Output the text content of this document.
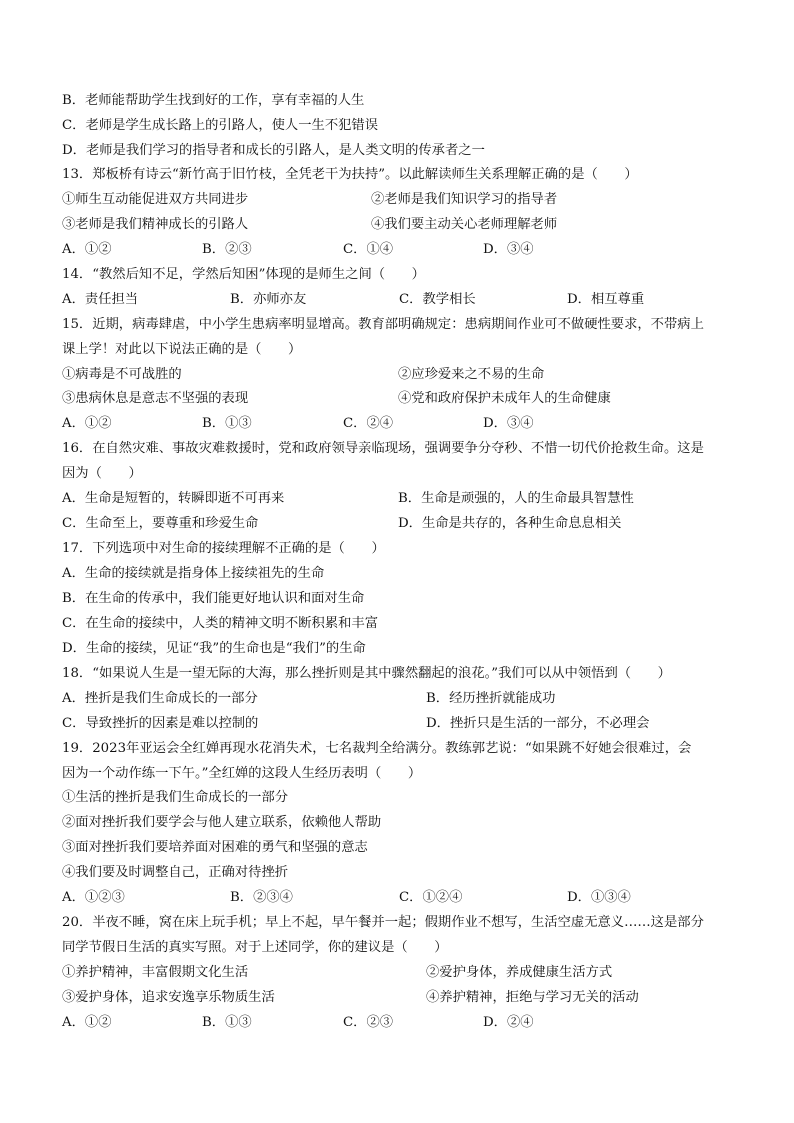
B．老师能帮助学生找到好的工作，享有幸福的人生
C．老师是学生成长路上的引路人，使人一生不犯错误
D．老师是我们学习的指导者和成长的引路人，是人类文明的传承者之一
13．郑板桥有诗云“新竹高于旧竹枝，全凭老干为扶持”。以此解读师生关系理解正确的是（　　）
①师生互动能促进双方共同进步	②老师是我们知识学习的指导者
③老师是我们精神成长的引路人	④我们要主动关心老师理解老师
A．①②	B．②③	C．①④	D．③④
14．“教然后知不足，学然后知困”体现的是师生之间（　　）
A．责任担当	B．亦师亦友	C．教学相长	D．相互尊重
15．近期，病毒肆虐，中小学生患病率明显增高。教育部明确规定：患病期间作业可不做硬性要求，不带病上
课上学！对此以下说法正确的是（　　）
①病毒是不可战胜的	②应珍爱来之不易的生命
③患病休息是意志不坚强的表现	④党和政府保护未成年人的生命健康
A．①②	B．①③	C．②④	D．③④
16．在自然灾难、事故灾难救援时，党和政府领导亲临现场，强调要争分夺秒、不惜一切代价抢救生命。这是
因为（　　）
A．生命是短暂的，转瞬即逝不可再来	B．生命是顽强的，人的生命最具智慧性
C．生命至上，要尊重和珍爱生命	D．生命是共存的，各种生命息息相关
17．下列选项中对生命的接续理解不正确的是（　　）
A．生命的接续就是指身体上接续祖先的生命
B．在生命的传承中，我们能更好地认识和面对生命
C．在生命的接续中，人类的精神文明不断积累和丰富
D．生命的接续，见证“我”的生命也是“我们”的生命
18．“如果说人生是一望无际的大海，那么挫折则是其中骤然翻起的浪花。”我们可以从中领悟到（　　）
A．挫折是我们生命成长的一部分	B．经历挫折就能成功
C．导致挫折的因素是难以控制的	D．挫折只是生活的一部分，不必理会
19．2023年亚运会全红婵再现水花消失术，七名裁判全给满分。教练郭艺说：“如果跳不好她会很难过，会
因为一个动作练一下午。”全红婵的这段人生经历表明（　　）
①生活的挫折是我们生命成长的一部分
②面对挫折我们要学会与他人建立联系，依赖他人帮助
③面对挫折我们要培养面对困难的勇气和坚强的意志
④我们要及时调整自己，正确对待挫折
A．①②③	B．②③④	C．①②④	D．①③④
20．半夜不睡，窝在床上玩手机；早上不起，早午餐并一起；假期作业不想写，生活空虚无意义……这是部分
同学节假日生活的真实写照。对于上述同学，你的建议是（　　）
①养护精神，丰富假期文化生活	②爱护身体，养成健康生活方式
③爱护身体，追求安逸享乐物质生活	④养护精神，拒绝与学习无关的活动
A．①②	B．①③	C．②③	D．②④
